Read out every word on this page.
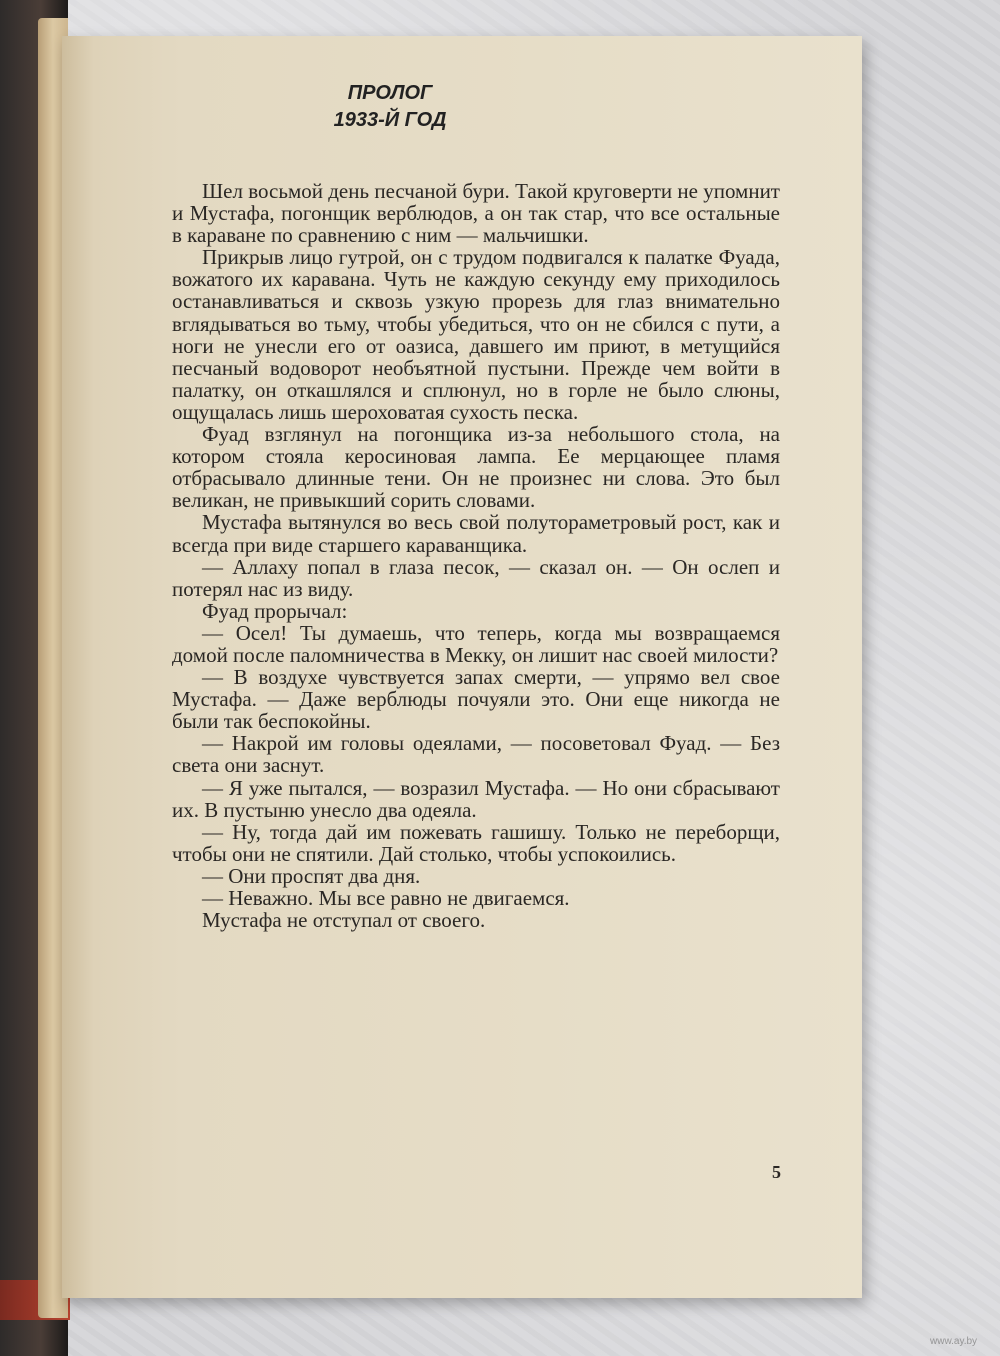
ПРОЛОГ
1933-Й ГОД

Шел восьмой день песчаной бури. Такой круговерти не упомнит и Мустафа, погонщик верблюдов, а он так стар, что все остальные в караване по сравнению с ним — мальчишки.

Прикрыв лицо гутрой, он с трудом подвигался к палатке Фуада, вожатого их каравана. Чуть не каждую секунду ему приходилось останавливаться и сквозь узкую прорезь для глаз внимательно вглядываться во тьму, чтобы убедиться, что он не сбился с пути, а ноги не унесли его от оазиса, давшего им приют, в метущийся песчаный водоворот необъятной пустыни. Прежде чем войти в палатку, он откашлялся и сплюнул, но в горле не было слюны, ощущалась лишь шероховатая сухость песка.

Фуад взглянул на погонщика из-за небольшого стола, на котором стояла керосиновая лампа. Ее мерцающее пламя отбрасывало длинные тени. Он не произнес ни слова. Это был великан, не привыкший сорить словами.

Мустафа вытянулся во весь свой полутораметровый рост, как и всегда при виде старшего караванщика.

— Аллаху попал в глаза песок, — сказал он. — Он ослеп и потерял нас из виду.

Фуад прорычал:

— Осел! Ты думаешь, что теперь, когда мы возвращаемся домой после паломничества в Мекку, он лишит нас своей милости?

— В воздухе чувствуется запах смерти, — упрямо вел свое Мустафа. — Даже верблюды почуяли это. Они еще никогда не были так беспокойны.

— Накрой им головы одеялами, — посоветовал Фуад. — Без света они заснут.

— Я уже пытался, — возразил Мустафа. — Но они сбрасывают их. В пустыню унесло два одеяла.

— Ну, тогда дай им пожевать гашишу. Только не переборщи, чтобы они не спятили. Дай столько, чтобы успокоились.

— Они проспят два дня.

— Неважно. Мы все равно не двигаемся.

Мустафа не отступал от своего.

5
www.ay.by
